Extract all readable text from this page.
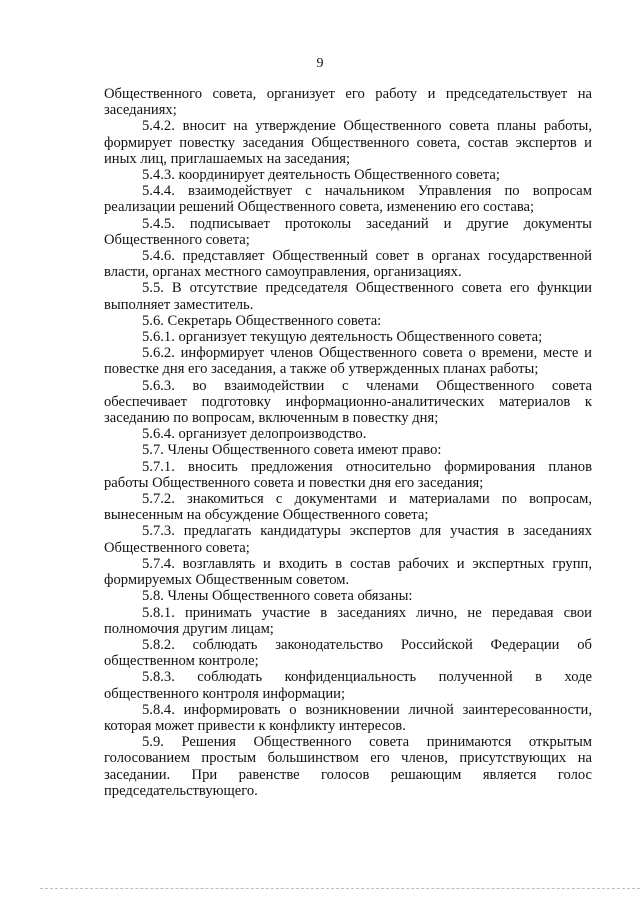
9

Общественного совета, организует его работу и председательствует на заседаниях;

5.4.2. вносит на утверждение Общественного совета планы работы, формирует повестку заседания Общественного совета, состав экспертов и иных лиц, приглашаемых на заседания;

5.4.3. координирует деятельность Общественного совета;

5.4.4. взаимодействует с начальником Управления по вопросам реализации решений Общественного совета, изменению его состава;

5.4.5. подписывает протоколы заседаний и другие документы Общественного совета;

5.4.6. представляет Общественный совет в органах государственной власти, органах местного самоуправления, организациях.

5.5. В отсутствие председателя Общественного совета его функции выполняет заместитель.

5.6. Секретарь Общественного совета:

5.6.1. организует текущую деятельность Общественного совета;

5.6.2. информирует членов Общественного совета о времени, месте и повестке дня его заседания, а также об утвержденных планах работы;

5.6.3. во взаимодействии с членами Общественного совета обеспечивает подготовку информационно-аналитических материалов к заседанию по вопросам, включенным в повестку дня;

5.6.4. организует делопроизводство.

5.7. Члены Общественного совета имеют право:

5.7.1. вносить предложения относительно формирования планов работы Общественного совета и повестки дня его заседания;

5.7.2. знакомиться с документами и материалами по вопросам, вынесенным на обсуждение Общественного совета;

5.7.3. предлагать кандидатуры экспертов для участия в заседаниях Общественного совета;

5.7.4. возглавлять и входить в состав рабочих и экспертных групп, формируемых Общественным советом.

5.8. Члены Общественного совета обязаны:

5.8.1. принимать участие в заседаниях лично, не передавая свои полномочия другим лицам;

5.8.2. соблюдать законодательство Российской Федерации об общественном контроле;

5.8.3. соблюдать конфиденциальность полученной в ходе общественного контроля информации;

5.8.4. информировать о возникновении личной заинтересованности, которая может привести к конфликту интересов.

5.9. Решения Общественного совета принимаются открытым голосованием простым большинством его членов, присутствующих на заседании. При равенстве голосов решающим является голос председательствующего.
